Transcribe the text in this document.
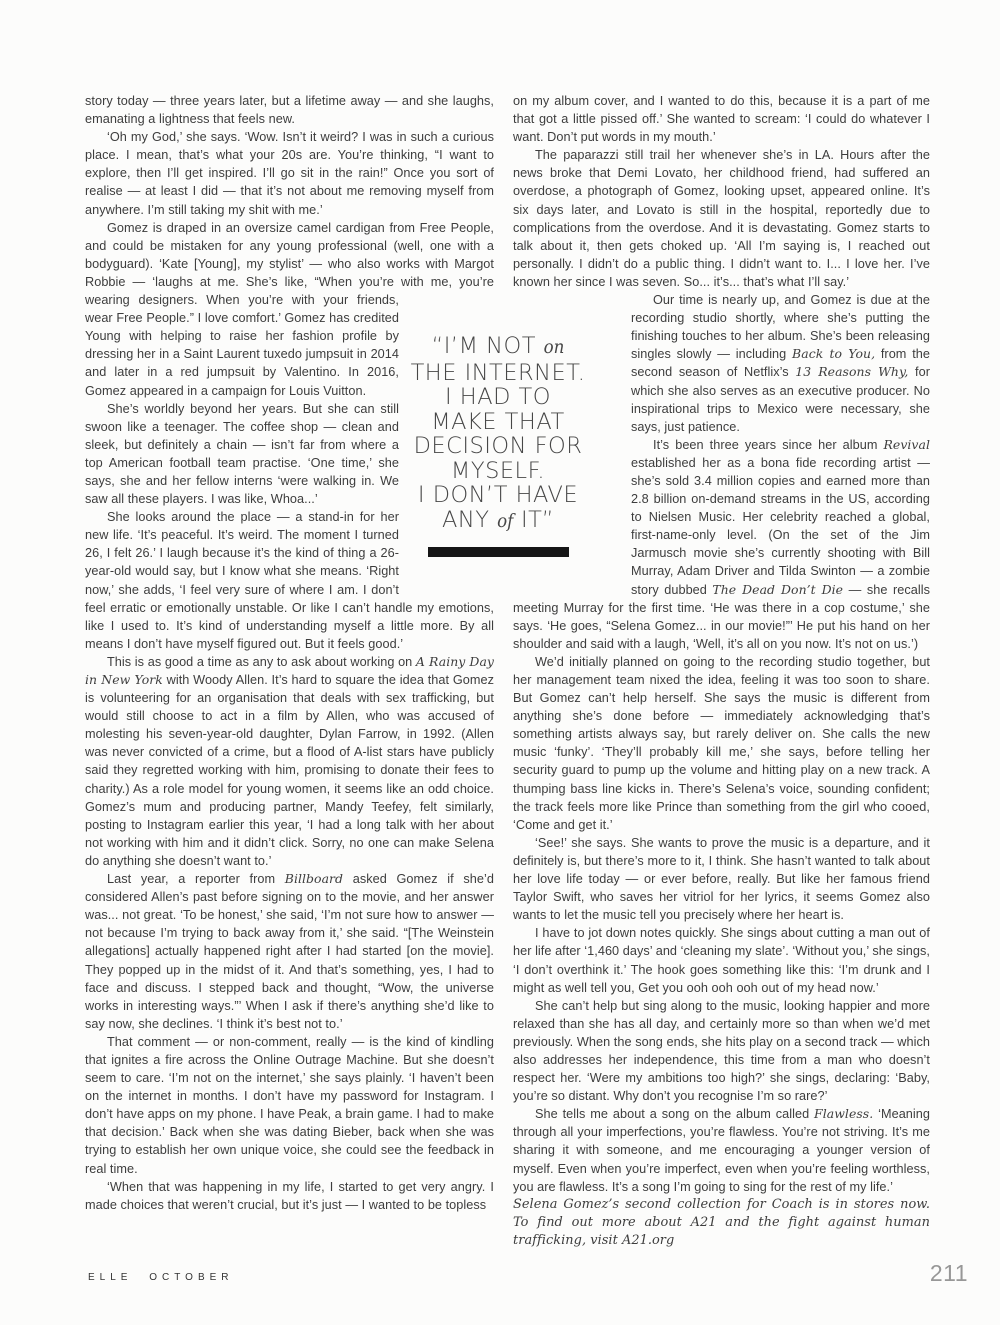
story today — three years later, but a lifetime away — and she laughs, emanating a lightness that feels new.

‘Oh my God,’ she says. ‘Wow. Isn’t it weird? I was in such a curious place. I mean, that’s what your 20s are. You’re thinking, “I want to explore, then I’ll get inspired. I’ll go sit in the rain!” Once you sort of realise — at least I did — that it’s not about me removing myself from anywhere. I’m still taking my shit with me.’

Gomez is draped in an oversize camel cardigan from Free People, and could be mistaken for any young professional (well, one with a bodyguard). ‘Kate [Young], my stylist’ — who also works with Margot Robbie — ‘laughs at me. She’s like, “When you’re with me, you’re wearing designers.
When you’re with your friends, wear Free People.” I love comfort.’ Gomez has credited Young with helping to raise her fashion profile by dressing her in a Saint Laurent tuxedo jumpsuit in 2014 and later in a red jumpsuit by Valentino. In 2016, Gomez appeared in a campaign for Louis Vuitton.

She’s worldly beyond her years. But she can still swoon like a teenager. The coffee shop — clean and sleek, but definitely a chain — isn’t far from where a top American football team practise. ‘One time,’ she says, she and her fellow interns ‘were walking in. We saw all these players. I was like, Whoa...’

She looks around the place — a stand-in for her new life. ‘It’s peaceful. It’s weird. The moment I turned 26, I felt 26.’ I laugh because it’s the kind of thing a 26-year-old would say, but I know what she means. ‘Right now,’ she adds, ‘I feel very sure of where I am. I don’t feel erratic or emotionally unstable. Or like I can’t handle my emotions, like I used to. It’s kind of understanding myself a little more. By all means I don’t have myself figured out. But it feels good.’

This is as good a time as any to ask about working on A Rainy Day in New York with Woody Allen. It’s hard to square the idea that Gomez is volunteering for an organisation that deals with sex trafficking, but would still choose to act in a film by Allen, who was accused of molesting his seven-year-old daughter, Dylan Farrow, in 1992. (Allen was never convicted of a crime, but a flood of A-list stars have publicly said they regretted working with him, promising to donate their fees to charity.) As a role model for young women, it seems like an odd choice. Gomez’s mum and producing partner, Mandy Teefey, felt similarly, posting to Instagram earlier this year, ‘I had a long talk with her about not working with him and it didn’t click. Sorry, no one can make Selena do anything she doesn’t want to.’

Last year, a reporter from Billboard asked Gomez if she’d considered Allen’s past before signing on to the movie, and her answer was... not great. ‘To be honest,’ she said, ‘I’m not sure how to answer — not because I’m trying to back away from it,’ she said. “[The Weinstein allegations] actually happened right after I had started [on the movie]. They popped up in the midst of it. And that’s something, yes, I had to face and discuss. I stepped back and thought, “Wow, the universe works in interesting ways.”’ When I ask if there’s anything she’d like to say now, she declines. ‘I think it’s best not to.’

That comment — or non-comment, really — is the kind of kindling that ignites a fire across the Online Outrage Machine. But she doesn’t seem to care. ‘I’m not on the internet,’ she says plainly. ‘I haven’t been on the internet in months. I don’t have my password for Instagram. I don’t have apps on my phone. I have Peak, a brain game. I had to make that decision.’ Back when she was dating Bieber, back when she was trying to establish her own unique voice, she could see the feedback in real time.

‘When that was happening in my life, I started to get very angry. I made choices that weren’t crucial, but it’s just — I wanted to be topless

“I’M NOT on
THE INTERNET.
I HAD TO
MAKE THAT
DECISION FOR
MYSELF.
I DON’T HAVE
ANY of IT”

on my album cover, and I wanted to do this, because it is a part of me that got a little pissed off.’ She wanted to scream: ‘I could do whatever I want. Don’t put words in my mouth.’

The paparazzi still trail her whenever she’s in LA. Hours after the news broke that Demi Lovato, her childhood friend, had suffered an overdose, a photograph of Gomez, looking upset, appeared online. It’s six days later, and Lovato is still in the hospital, reportedly due to complications from the overdose. And it is devastating. Gomez starts to talk about it, then gets choked up. ‘All I’m saying is, I reached out personally. I didn’t do a public thing. I didn’t want to. I... I love her. I’ve known her since I was seven. So... it’s... that’s what I’ll say.’

Our time is nearly up, and Gomez is due at the recording studio shortly, where she’s putting the finishing touches to her album. She’s been releasing singles slowly — including Back to You, from the second season of Netflix’s 13 Reasons Why, for which she also serves as an executive producer. No inspirational trips to Mexico were necessary, she says, just patience.

It’s been three years since her album Revival established her as a bona fide recording artist — she’s sold 3.4 million copies and earned more than 2.8 billion on-demand streams in the US, according to Nielsen Music. Her celebrity reached a global, first-name-only level. (On the set of the Jim Jarmusch movie she’s currently shooting with Bill Murray, Adam Driver and Tilda Swinton — a zombie story dubbed The Dead Don’t Die — she recalls meeting Murray for the first time. ‘He was there in a cop costume,’ she says. ‘He goes, “Selena Gomez... in our movie!”’ He put his hand on her shoulder and said with a laugh, ‘Well, it’s all on you now. It’s not on us.’)

We’d initially planned on going to the recording studio together, but her management team nixed the idea, feeling it was too soon to share. But Gomez can’t help herself. She says the music is different from anything she’s done before — immediately acknowledging that’s something artists always say, but rarely deliver on. She calls the new music ‘funky’. ‘They’ll probably kill me,’ she says, before telling her security guard to pump up the volume and hitting play on a new track. A thumping bass line kicks in. There’s Selena’s voice, sounding confident; the track feels more like Prince than something from the girl who cooed, ‘Come and get it.’

‘See!’ she says. She wants to prove the music is a departure, and it definitely is, but there’s more to it, I think. She hasn’t wanted to talk about her love life today — or ever before, really. But like her famous friend Taylor Swift, who saves her vitriol for her lyrics, it seems Gomez also wants to let the music tell you precisely where her heart is.

I have to jot down notes quickly. She sings about cutting a man out of her life after ‘1,460 days’ and ‘cleaning my slate’. ‘Without you,’ she sings, ‘I don’t overthink it.’ The hook goes something like this: ‘I’m drunk and I might as well tell you, Get you ooh ooh ooh out of my head now.’

She can’t help but sing along to the music, looking happier and more relaxed than she has all day, and certainly more so than when we’d met previously. When the song ends, she hits play on a second track — which also addresses her independence, this time from a man who doesn’t respect her. ‘Were my ambitions too high?’ she sings, declaring: ‘Baby, you’re so distant. Why don’t you recognise I’m so rare?’

She tells me about a song on the album called Flawless. ‘Meaning through all your imperfections, you’re flawless. You’re not striving. It’s me sharing it with someone, and me encouraging a younger version of myself. Even when you’re imperfect, even when you’re feeling worthless, you are flawless. It’s a song I’m going to sing for the rest of my life.’

Selena Gomez’s second collection for Coach is in stores now. To find out more about A21 and the fight against human trafficking, visit A21.org

ELLE OCTOBER	211
